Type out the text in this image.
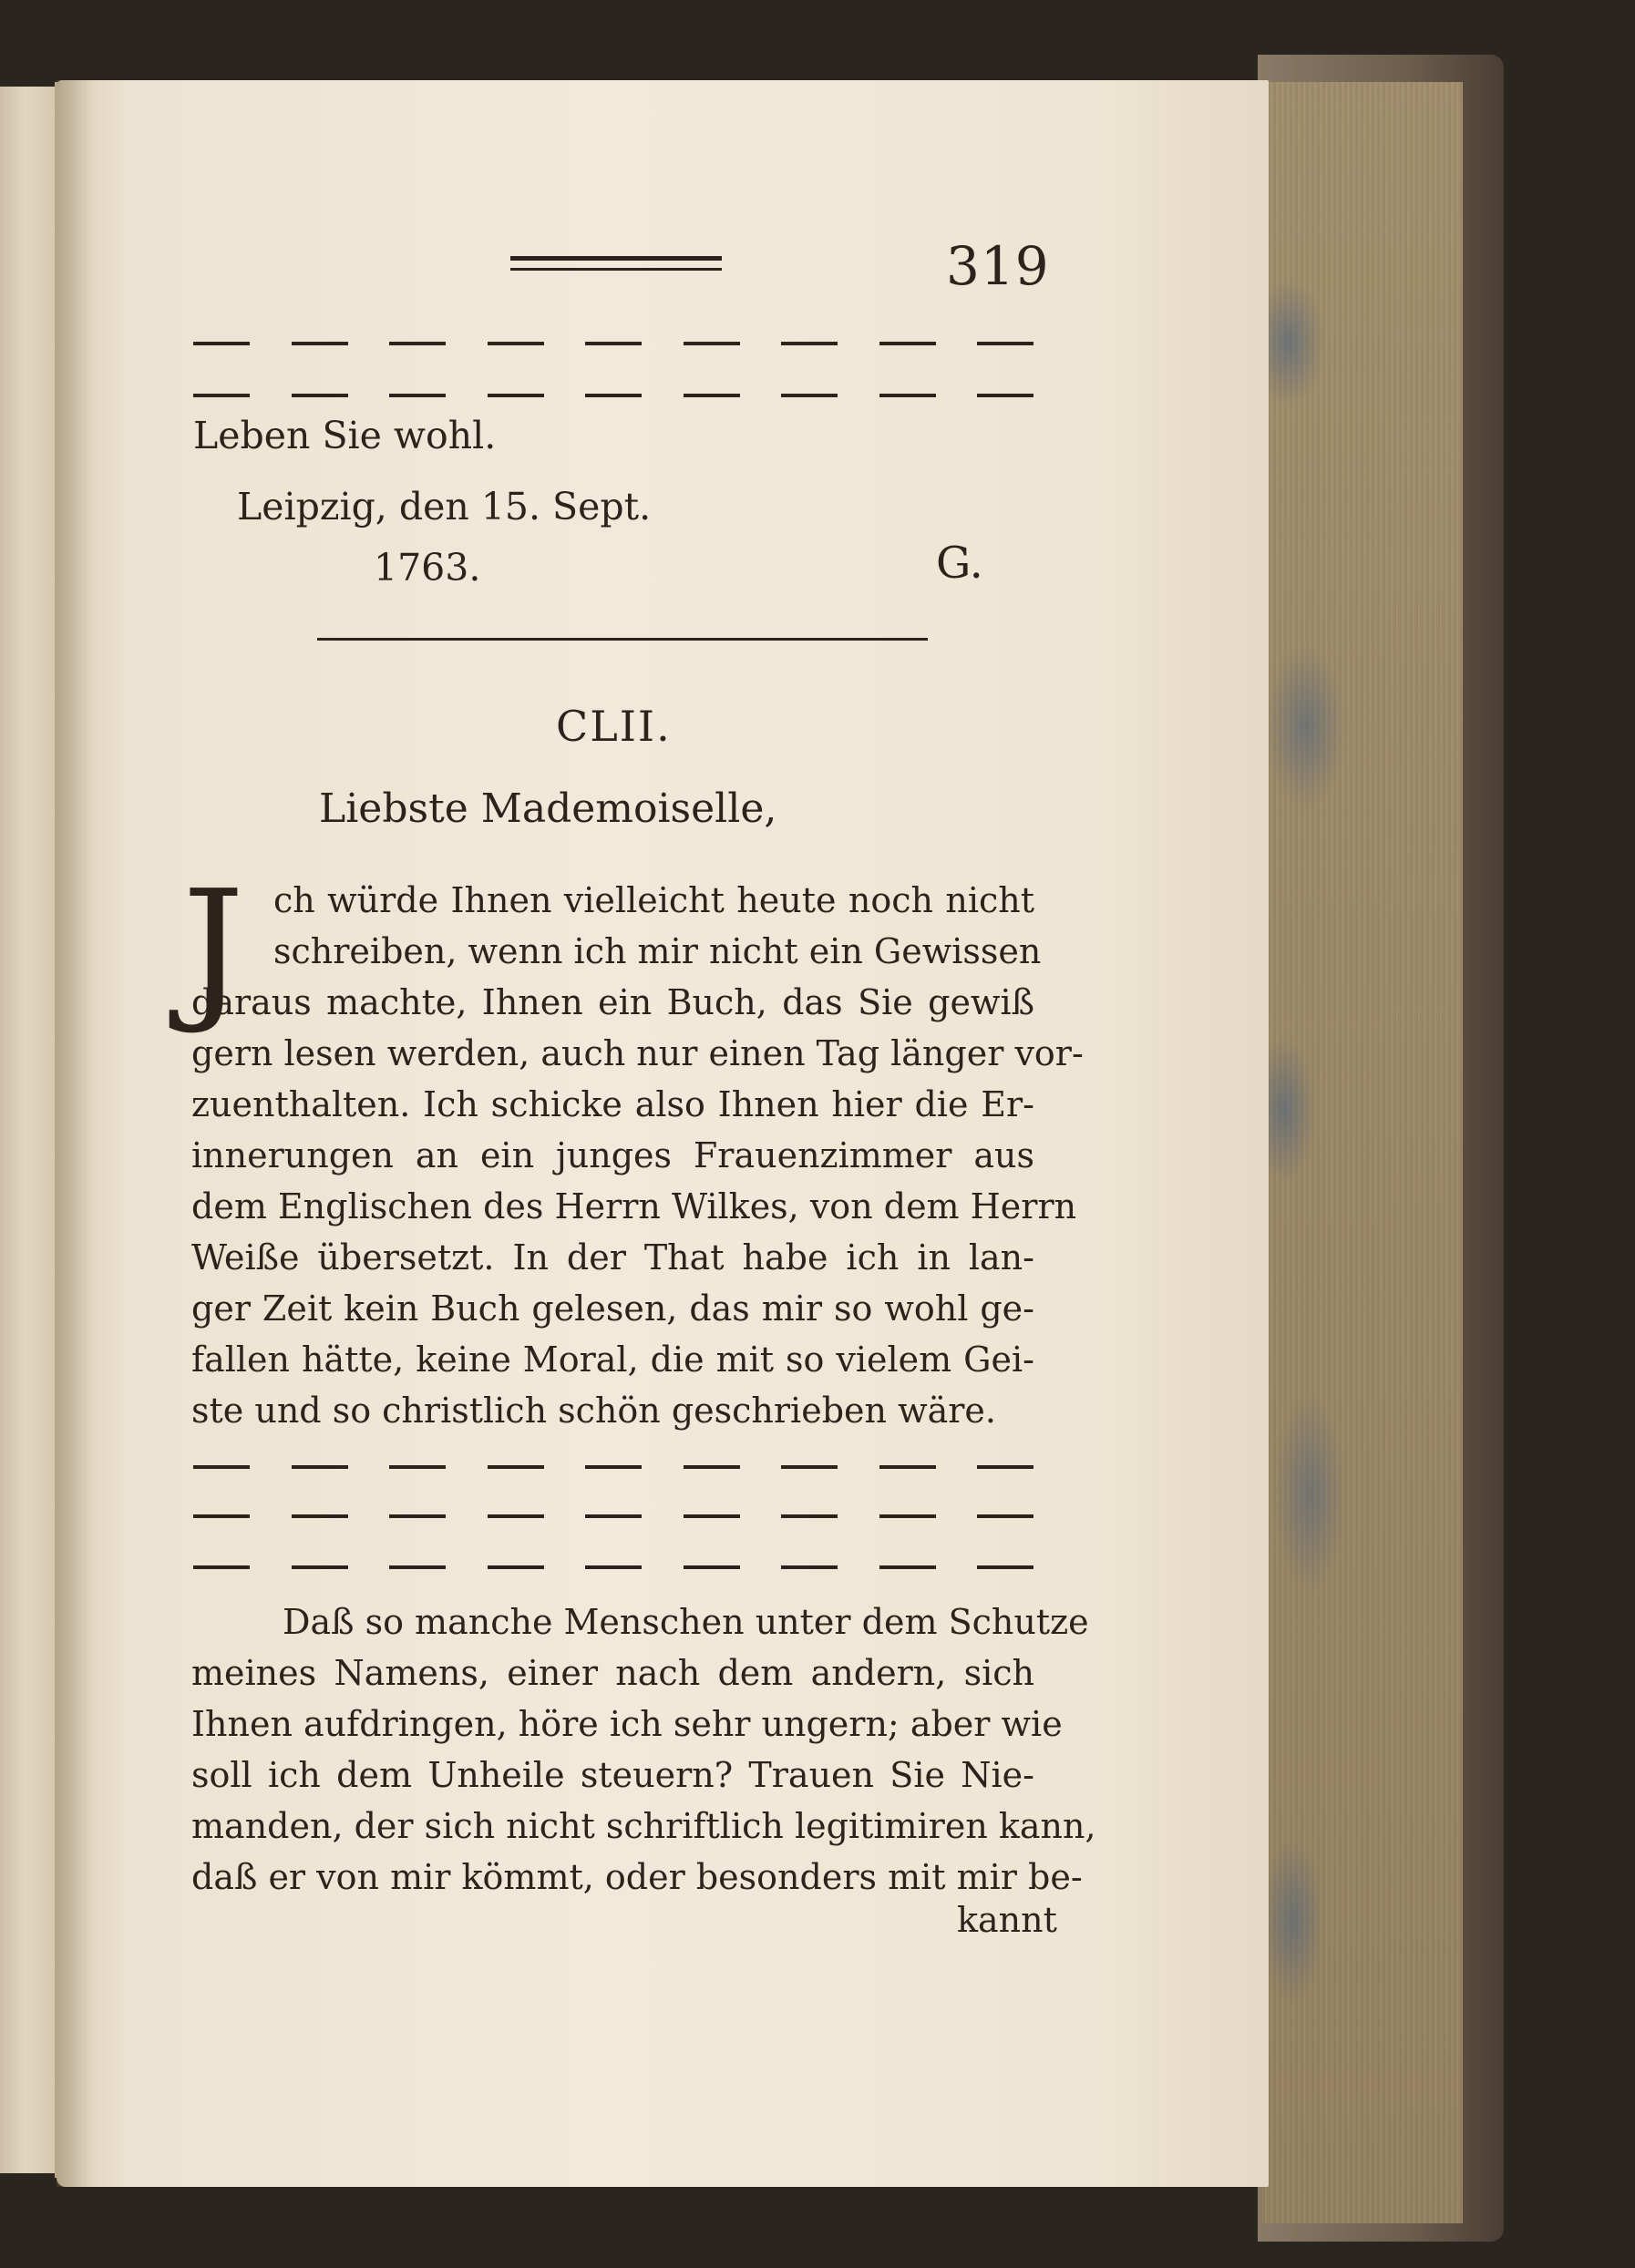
319
Leben Sie wohl.
Leipzig, den 15. Sept.
1763.	G.
CLII.
Liebste Mademoiselle,
J ch würde Ihnen vielleicht heute noch nicht
schreiben, wenn ich mir nicht ein Gewissen
daraus machte, Ihnen ein Buch, das Sie gewiß
gern lesen werden, auch nur einen Tag länger vor-
zuenthalten. Ich schicke also Ihnen hier die Er-
innerungen an ein junges Frauenzimmer aus
dem Englischen des Herrn Wilkes, von dem Herrn
Weiße übersetzt. In der That habe ich in lan-
ger Zeit kein Buch gelesen, das mir so wohl ge-
fallen hätte, keine Moral, die mit so vielem Gei-
ste und so christlich schön geschrieben wäre.
Daß so manche Menschen unter dem Schutze
meines Namens, einer nach dem andern, sich
Ihnen aufdringen, höre ich sehr ungern; aber wie
soll ich dem Unheile steuern? Trauen Sie Nie-
manden, der sich nicht schriftlich legitimiren kann,
daß er von mir kömmt, oder besonders mit mir be-
kannt
